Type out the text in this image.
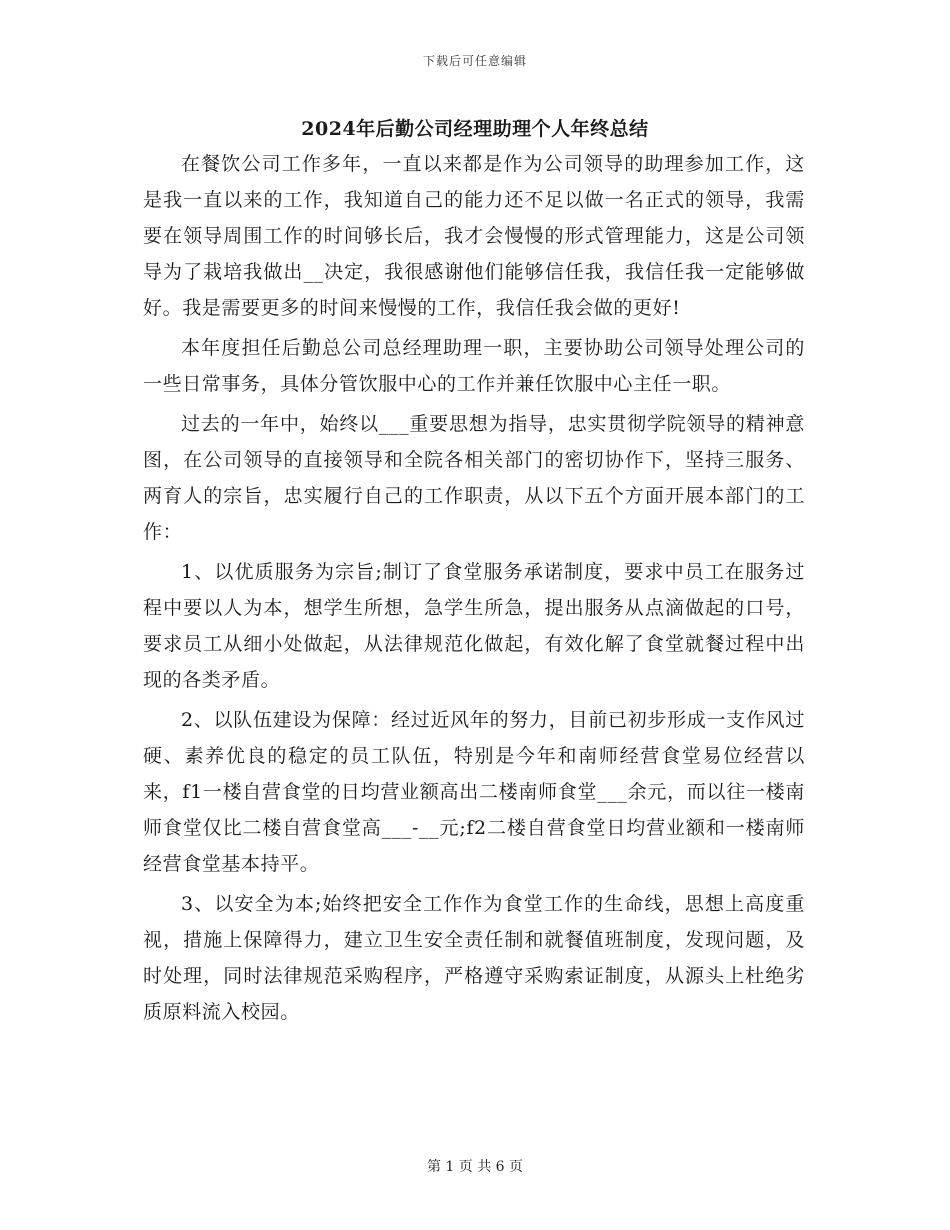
下载后可任意编辑
2024年后勤公司经理助理个人年终总结

在餐饮公司工作多年，一直以来都是作为公司领导的助理参加工作，这是我一直以来的工作，我知道自己的能力还不足以做一名正式的领导，我需要在领导周围工作的时间够长后，我才会慢慢的形式管理能力，这是公司领导为了栽培我做出__决定，我很感谢他们能够信任我，我信任我一定能够做好。我是需要更多的时间来慢慢的工作，我信任我会做的更好!

本年度担任后勤总公司总经理助理一职，主要协助公司领导处理公司的一些日常事务，具体分管饮服中心的工作并兼任饮服中心主任一职。

过去的一年中，始终以___重要思想为指导，忠实贯彻学院领导的精神意图，在公司领导的直接领导和全院各相关部门的密切协作下，坚持三服务、两育人的宗旨，忠实履行自己的工作职责，从以下五个方面开展本部门的工作：

1、以优质服务为宗旨;制订了食堂服务承诺制度，要求中员工在服务过程中要以人为本，想学生所想，急学生所急，提出服务从点滴做起的口号，要求员工从细小处做起，从法律规范化做起，有效化解了食堂就餐过程中出现的各类矛盾。

2、以队伍建设为保障：经过近风年的努力，目前已初步形成一支作风过硬、素养优良的稳定的员工队伍，特别是今年和南师经营食堂易位经营以来，f1一楼自营食堂的日均营业额高出二楼南师食堂___余元，而以往一楼南师食堂仅比二楼自营食堂高___-__元;f2二楼自营食堂日均营业额和一楼南师经营食堂基本持平。

3、以安全为本;始终把安全工作作为食堂工作的生命线，思想上高度重视，措施上保障得力，建立卫生安全责任制和就餐值班制度，发现问题，及时处理，同时法律规范采购程序，严格遵守采购索证制度，从源头上杜绝劣质原料流入校园。

第 1 页 共 6 页
